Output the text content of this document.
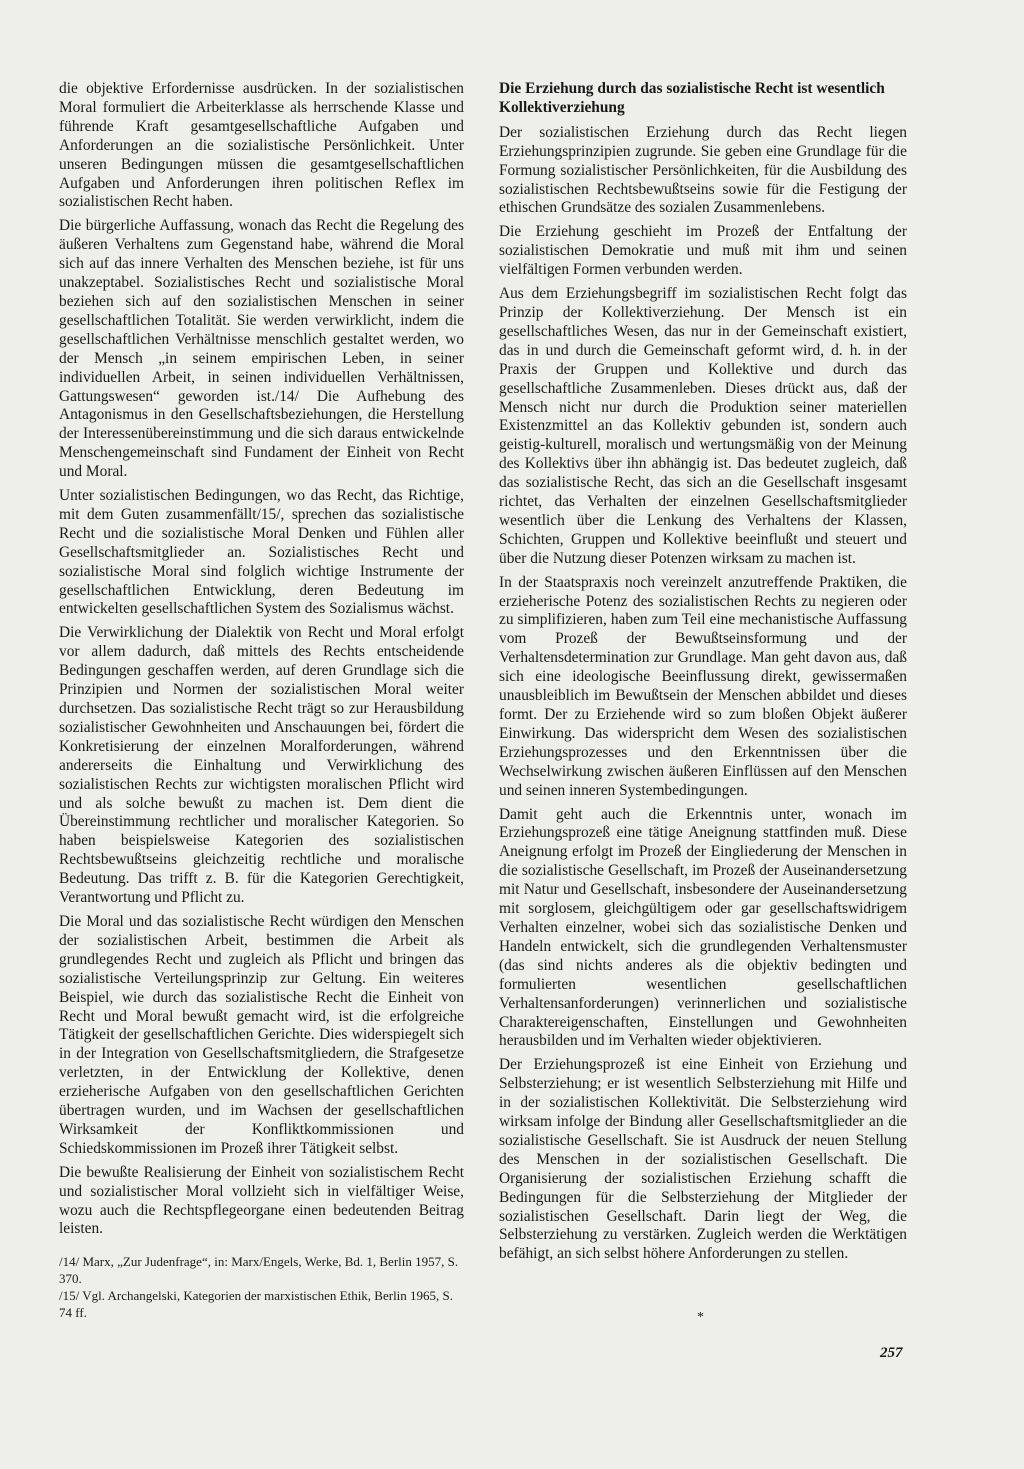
die objektive Erfordernisse ausdrücken. In der sozialistischen Moral formuliert die Arbeiterklasse als herrschende Klasse und führende Kraft gesamtgesellschaftliche Aufgaben und Anforderungen an die sozialistische Persönlichkeit. Unter unseren Bedingungen müssen die gesamtgesellschaftlichen Aufgaben und Anforderungen ihren politischen Reflex im sozialistischen Recht haben.

Die bürgerliche Auffassung, wonach das Recht die Regelung des äußeren Verhaltens zum Gegenstand habe, während die Moral sich auf das innere Verhalten des Menschen beziehe, ist für uns unakzeptabel. Sozialistisches Recht und sozialistische Moral beziehen sich auf den sozialistischen Menschen in seiner gesellschaftlichen Totalität. Sie werden verwirklicht, indem die gesellschaftlichen Verhältnisse menschlich gestaltet werden, wo der Mensch „in seinem empirischen Leben, in seiner individuellen Arbeit, in seinen individuellen Verhältnissen, Gattungswesen“ geworden ist./14/ Die Aufhebung des Antagonismus in den Gesellschaftsbeziehungen, die Herstellung der Interessenübereinstimmung und die sich daraus entwickelnde Menschengemeinschaft sind Fundament der Einheit von Recht und Moral.

Unter sozialistischen Bedingungen, wo das Recht, das Richtige, mit dem Guten zusammenfällt/15/, sprechen das sozialistische Recht und die sozialistische Moral Denken und Fühlen aller Gesellschaftsmitglieder an. Sozialistisches Recht und sozialistische Moral sind folglich wichtige Instrumente der gesellschaftlichen Entwicklung, deren Bedeutung im entwickelten gesellschaftlichen System des Sozialismus wächst.

Die Verwirklichung der Dialektik von Recht und Moral erfolgt vor allem dadurch, daß mittels des Rechts entscheidende Bedingungen geschaffen werden, auf deren Grundlage sich die Prinzipien und Normen der sozialistischen Moral weiter durchsetzen. Das sozialistische Recht trägt so zur Herausbildung sozialistischer Gewohnheiten und Anschauungen bei, fördert die Konkretisierung der einzelnen Moralforderungen, während andererseits die Einhaltung und Verwirklichung des sozialistischen Rechts zur wichtigsten moralischen Pflicht wird und als solche bewußt zu machen ist. Dem dient die Übereinstimmung rechtlicher und moralischer Kategorien. So haben beispielsweise Kategorien des sozialistischen Rechtsbewußtseins gleichzeitig rechtliche und moralische Bedeutung. Das trifft z. B. für die Kategorien Gerechtigkeit, Verantwortung und Pflicht zu.

Die Moral und das sozialistische Recht würdigen den Menschen der sozialistischen Arbeit, bestimmen die Arbeit als grundlegendes Recht und zugleich als Pflicht und bringen das sozialistische Verteilungsprinzip zur Geltung. Ein weiteres Beispiel, wie durch das sozialistische Recht die Einheit von Recht und Moral bewußt gemacht wird, ist die erfolgreiche Tätigkeit der gesellschaftlichen Gerichte. Dies widerspiegelt sich in der Integration von Gesellschaftsmitgliedern, die Strafgesetze verletzten, in der Entwicklung der Kollektive, denen erzieherische Aufgaben von den gesellschaftlichen Gerichten übertragen wurden, und im Wachsen der gesellschaftlichen Wirksamkeit der Konfliktkommissionen und Schiedskommissionen im Prozeß ihrer Tätigkeit selbst.

Die bewußte Realisierung der Einheit von sozialistischem Recht und sozialistischer Moral vollzieht sich in vielfältiger Weise, wozu auch die Rechtspflegeorgane einen bedeutenden Beitrag leisten.

/14/ Marx, „Zur Judenfrage“, in: Marx/Engels, Werke, Bd. 1, Berlin 1957, S. 370.
/15/ Vgl. Archangelski, Kategorien der marxistischen Ethik, Berlin 1965, S. 74 ff.
Die Erziehung durch das sozialistische Recht ist wesentlich Kollektiverziehung

Der sozialistischen Erziehung durch das Recht liegen Erziehungsprinzipien zugrunde. Sie geben eine Grundlage für die Formung sozialistischer Persönlichkeiten, für die Ausbildung des sozialistischen Rechtsbewußtseins sowie für die Festigung der ethischen Grundsätze des sozialen Zusammenlebens.

Die Erziehung geschieht im Prozeß der Entfaltung der sozialistischen Demokratie und muß mit ihm und seinen vielfältigen Formen verbunden werden.

Aus dem Erziehungsbegriff im sozialistischen Recht folgt das Prinzip der Kollektiverziehung. Der Mensch ist ein gesellschaftliches Wesen, das nur in der Gemeinschaft existiert, das in und durch die Gemeinschaft geformt wird, d. h. in der Praxis der Gruppen und Kollektive und durch das gesellschaftliche Zusammenleben. Dieses drückt aus, daß der Mensch nicht nur durch die Produktion seiner materiellen Existenzmittel an das Kollektiv gebunden ist, sondern auch geistig-kulturell, moralisch und wertungsmäßig von der Meinung des Kollektivs über ihn abhängig ist. Das bedeutet zugleich, daß das sozialistische Recht, das sich an die Gesellschaft insgesamt richtet, das Verhalten der einzelnen Gesellschaftsmitglieder wesentlich über die Lenkung des Verhaltens der Klassen, Schichten, Gruppen und Kollektive beeinflußt und steuert und über die Nutzung dieser Potenzen wirksam zu machen ist.

In der Staatspraxis noch vereinzelt anzutreffende Praktiken, die erzieherische Potenz des sozialistischen Rechts zu negieren oder zu simplifizieren, haben zum Teil eine mechanistische Auffassung vom Prozeß der Bewußtseinsformung und der Verhaltensdetermination zur Grundlage. Man geht davon aus, daß sich eine ideologische Beeinflussung direkt, gewissermaßen unausbleiblich im Bewußtsein der Menschen abbildet und dieses formt. Der zu Erziehende wird so zum bloßen Objekt äußerer Einwirkung. Das widerspricht dem Wesen des sozialistischen Erziehungsprozesses und den Erkenntnissen über die Wechselwirkung zwischen äußeren Einflüssen auf den Menschen und seinen inneren Systembedingungen.

Damit geht auch die Erkenntnis unter, wonach im Erziehungsprozeß eine tätige Aneignung stattfinden muß. Diese Aneignung erfolgt im Prozeß der Eingliederung der Menschen in die sozialistische Gesellschaft, im Prozeß der Auseinandersetzung mit Natur und Gesellschaft, insbesondere der Auseinandersetzung mit sorglosem, gleichgültigem oder gar gesellschaftswidrigem Verhalten einzelner, wobei sich das sozialistische Denken und Handeln entwickelt, sich die grundlegenden Verhaltensmuster (das sind nichts anderes als die objektiv bedingten und formulierten wesentlichen gesellschaftlichen Verhaltensanforderungen) verinnerlichen und sozialistische Charaktereigenschaften, Einstellungen und Gewohnheiten herausbilden und im Verhalten wieder objektivieren.

Der Erziehungsprozeß ist eine Einheit von Erziehung und Selbsterziehung; er ist wesentlich Selbsterziehung mit Hilfe und in der sozialistischen Kollektivität. Die Selbsterziehung wird wirksam infolge der Bindung aller Gesellschaftsmitglieder an die sozialistische Gesellschaft. Sie ist Ausdruck der neuen Stellung des Menschen in der sozialistischen Gesellschaft. Die Organisierung der sozialistischen Erziehung schafft die Bedingungen für die Selbsterziehung der Mitglieder der sozialistischen Gesellschaft. Darin liegt der Weg, die Selbsterziehung zu verstärken. Zugleich werden die Werktätigen befähigt, an sich selbst höhere Anforderungen zu stellen.

*
257
